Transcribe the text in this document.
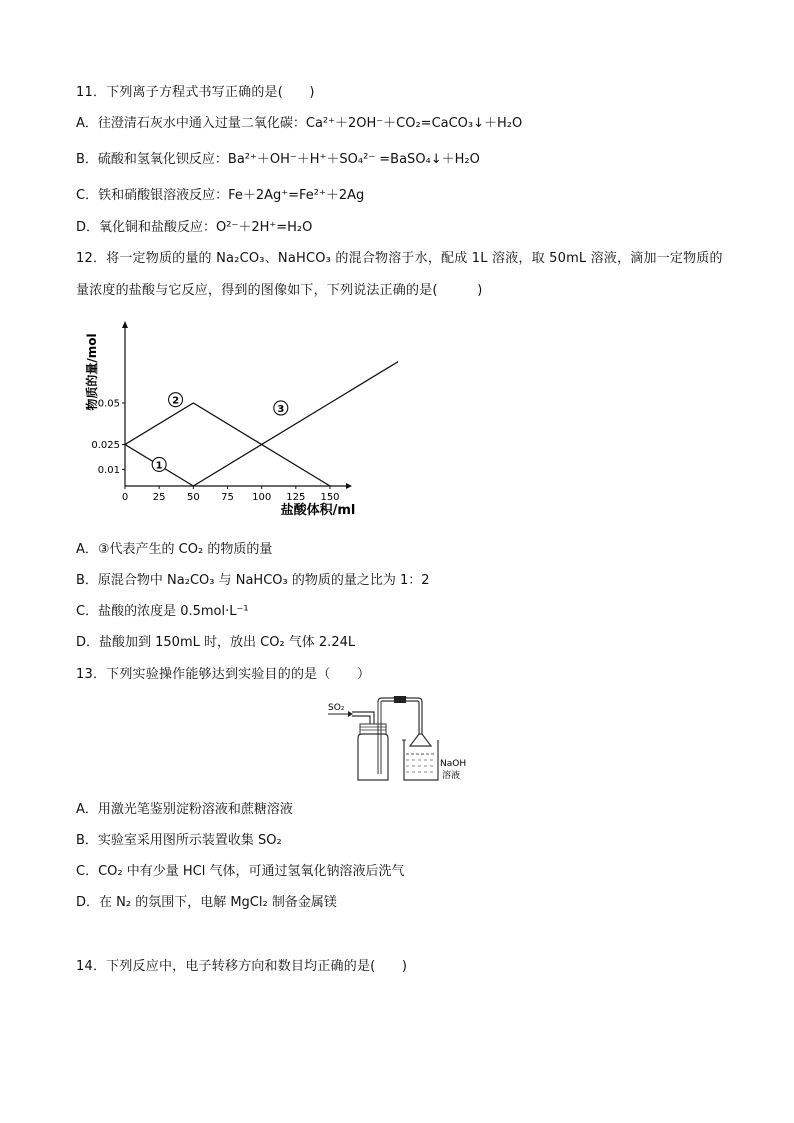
11．下列离子方程式书写正确的是(　　)
A．往澄清石灰水中通入过量二氧化碳：Ca²⁺＋2OH⁻＋CO₂=CaCO₃↓＋H₂O
B．硫酸和氢氧化钡反应：Ba²⁺＋OH⁻＋H⁺＋SO₄²⁻ =BaSO₄↓＋H₂O
C．铁和硝酸银溶液反应：Fe＋2Ag⁺=Fe²⁺＋2Ag
D．氧化铜和盐酸反应：O²⁻＋2H⁺=H₂O
12．将一定物质的量的 Na₂CO₃、NaHCO₃ 的混合物溶于水，配成 1L 溶液，取 50mL 溶液，滴加一定物质的
量浓度的盐酸与它反应，得到的图像如下，下列说法正确的是(　　　)
0 25 50 75 100 125 150
0.01
0.025
0.05
1
2
3
盐酸体积/ml
物质的量/mol
A．③代表产生的 CO₂ 的物质的量
B．原混合物中 Na₂CO₃ 与 NaHCO₃ 的物质的量之比为 1：2
C．盐酸的浓度是 0.5mol·L⁻¹
D．盐酸加到 150mL 时，放出 CO₂ 气体 2.24L
13．下列实验操作能够达到实验目的的是（　　）
SO₂
NaOH
溶液
A．用激光笔鉴别淀粉溶液和蔗糖溶液
B．实验室采用图所示装置收集 SO₂
C．CO₂ 中有少量 HCl 气体，可通过氢氧化钠溶液后洗气
D．在 N₂ 的氛围下，电解 MgCl₂ 制备金属镁
14．下列反应中，电子转移方向和数目均正确的是(　　)
